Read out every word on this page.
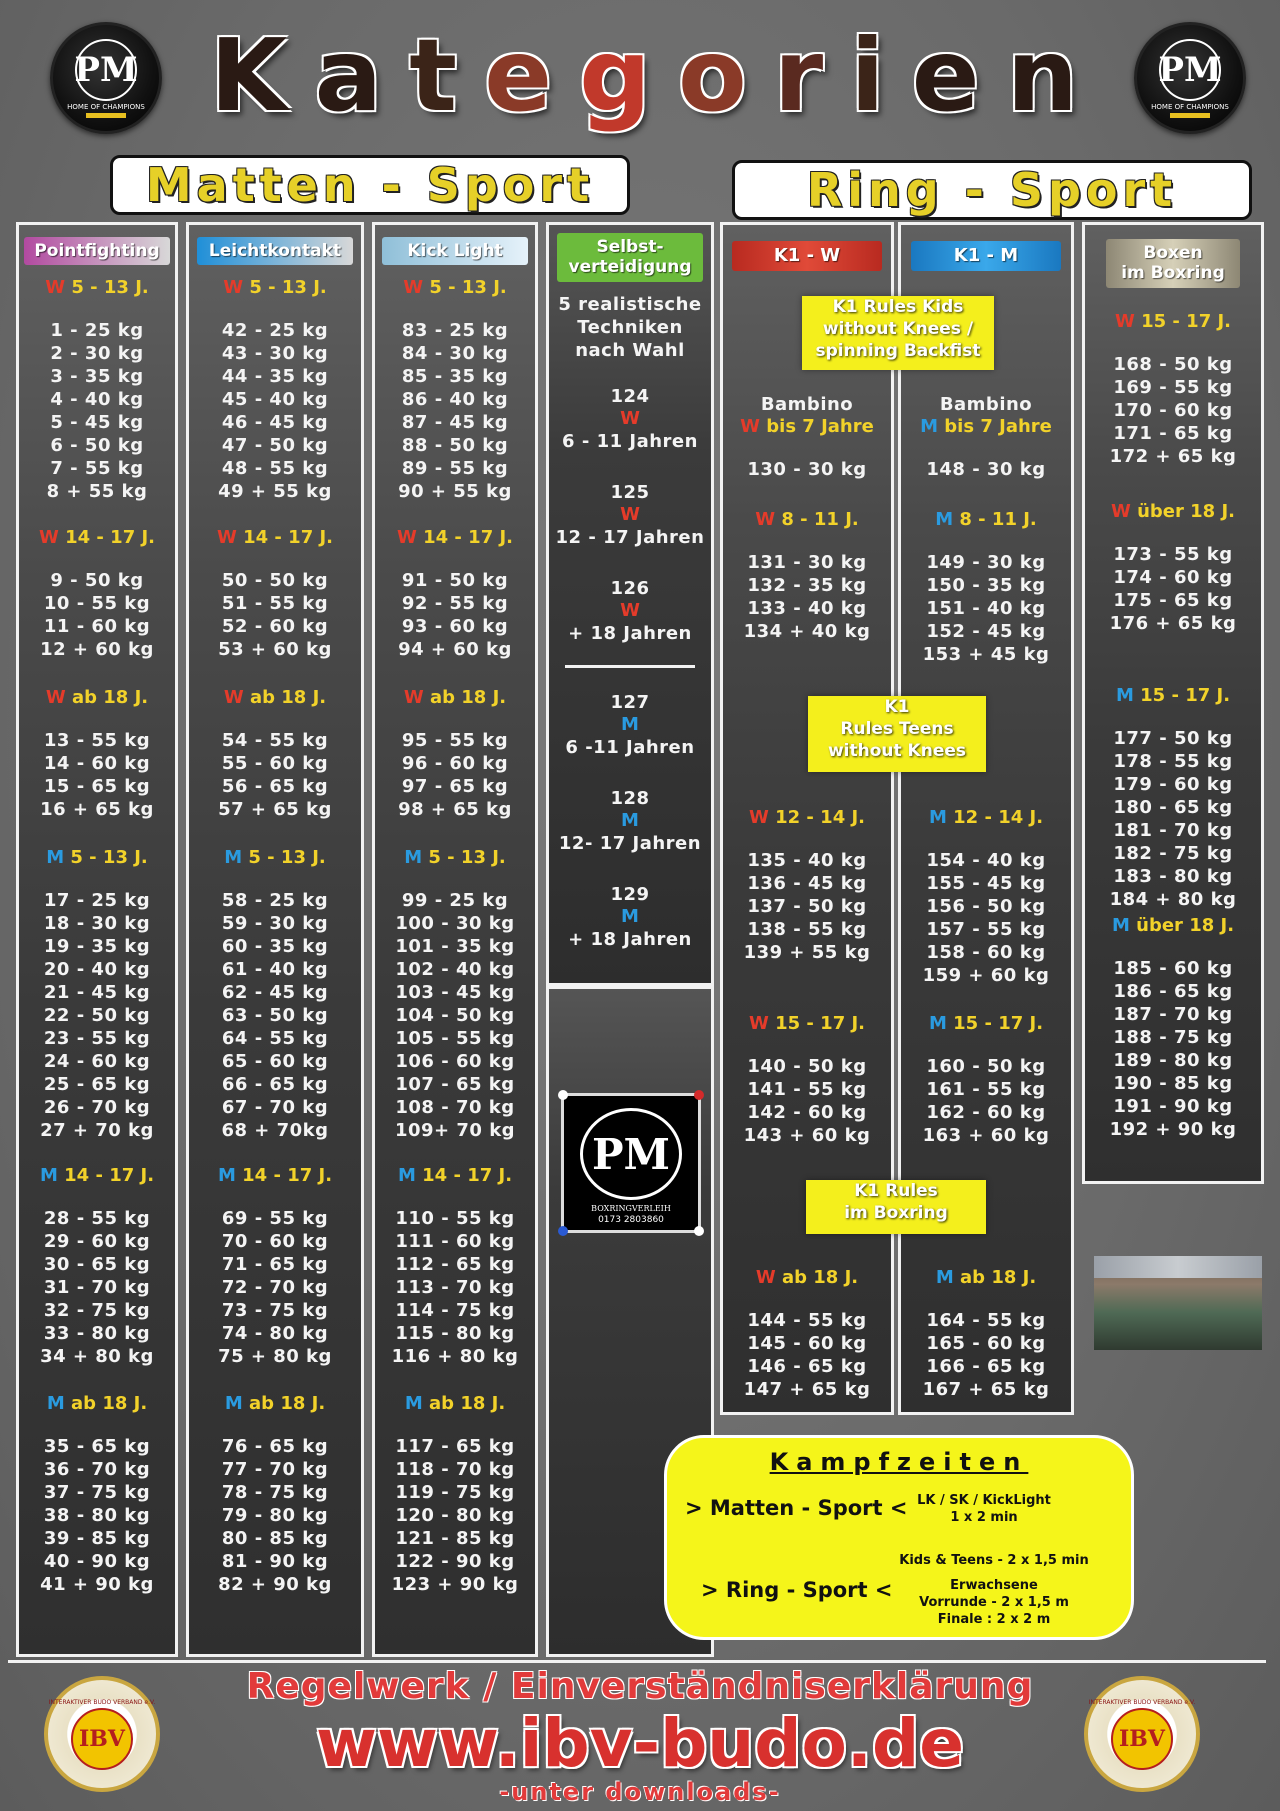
PM
HOME OF CHAMPIONS
PM
HOME OF CHAMPIONS
K a t e g o r i e n
Matten - Sport	Ring - Sport
Pointfighting
W 5 - 13 J.
1 - 25 kg
2 - 30 kg
3 - 35 kg
4 - 40 kg
5 - 45 kg
6 - 50 kg
7 - 55 kg
8 + 55 kg
W 14 - 17 J.
9 - 50 kg
10 - 55 kg
11 - 60 kg
12 + 60 kg
W ab 18 J.
13 - 55 kg
14 - 60 kg
15 - 65 kg
16 + 65 kg
M 5 - 13 J.
17 - 25 kg
18 - 30 kg
19 - 35 kg
20 - 40 kg
21 - 45 kg
22 - 50 kg
23 - 55 kg
24 - 60 kg
25 - 65 kg
26 - 70 kg
27 + 70 kg
M 14 - 17 J.
28 - 55 kg
29 - 60 kg
30 - 65 kg
31 - 70 kg
32 - 75 kg
33 - 80 kg
34 + 80 kg
M ab 18 J.
35 - 65 kg
36 - 70 kg
37 - 75 kg
38 - 80 kg
39 - 85 kg
40 - 90 kg
41 + 90 kg
Leichtkontakt
W 5 - 13 J.
42 - 25 kg
43 - 30 kg
44 - 35 kg
45 - 40 kg
46 - 45 kg
47 - 50 kg
48 - 55 kg
49 + 55 kg
W 14 - 17 J.
50 - 50 kg
51 - 55 kg
52 - 60 kg
53 + 60 kg
W ab 18 J.
54 - 55 kg
55 - 60 kg
56 - 65 kg
57 + 65 kg
M 5 - 13 J.
58 - 25 kg
59 - 30 kg
60 - 35 kg
61 - 40 kg
62 - 45 kg
63 - 50 kg
64 - 55 kg
65 - 60 kg
66 - 65 kg
67 - 70 kg
68 + 70kg
M 14 - 17 J.
69 - 55 kg
70 - 60 kg
71 - 65 kg
72 - 70 kg
73 - 75 kg
74 - 80 kg
75 + 80 kg
M ab 18 J.
76 - 65 kg
77 - 70 kg
78 - 75 kg
79 - 80 kg
80 - 85 kg
81 - 90 kg
82 + 90 kg
Kick Light
W 5 - 13 J.
83 - 25 kg
84 - 30 kg
85 - 35 kg
86 - 40 kg
87 - 45 kg
88 - 50 kg
89 - 55 kg
90 + 55 kg
W 14 - 17 J.
91 - 50 kg
92 - 55 kg
93 - 60 kg
94 + 60 kg
W ab 18 J.
95 - 55 kg
96 - 60 kg
97 - 65 kg
98 + 65 kg
M 5 - 13 J.
99 - 25 kg
100 - 30 kg
101 - 35 kg
102 - 40 kg
103 - 45 kg
104 - 50 kg
105 - 55 kg
106 - 60 kg
107 - 65 kg
108 - 70 kg
109+ 70 kg
M 14 - 17 J.
110 - 55 kg
111 - 60 kg
112 - 65 kg
113 - 70 kg
114 - 75 kg
115 - 80 kg
116 + 80 kg
M ab 18 J.
117 - 65 kg
118 - 70 kg
119 - 75 kg
120 - 80 kg
121 - 85 kg
122 - 90 kg
123 + 90 kg
Selbst-
verteidigung
5 realistische
Techniken
nach Wahl
124
W
6 - 11 Jahren
125
W
12 - 17 Jahren
126
W
+ 18 Jahren
127
M
6 -11 Jahren
128
M
12- 17 Jahren
129
M
+ 18 Jahren
PM
BOXRINGVERLEIH
0173 2803860
K1 - W
Bambino
W bis 7 Jahre
130 - 30 kg
W 8 - 11 J.
131 - 30 kg
132 - 35 kg
133 - 40 kg
134 + 40 kg
W 12 - 14 J.
135 - 40 kg
136 - 45 kg
137 - 50 kg
138 - 55 kg
139 + 55 kg
W 15 - 17 J.
140 - 50 kg
141 - 55 kg
142 - 60 kg
143 + 60 kg
W ab 18 J.
144 - 55 kg
145 - 60 kg
146 - 65 kg
147 + 65 kg
K1 - M
Bambino
M bis 7 Jahre
148 - 30 kg
M 8 - 11 J.
149 - 30 kg
150 - 35 kg
151 - 40 kg
152 - 45 kg
153 + 45 kg
M 12 - 14 J.
154 - 40 kg
155 - 45 kg
156 - 50 kg
157 - 55 kg
158 - 60 kg
159 + 60 kg
M 15 - 17 J.
160 - 50 kg
161 - 55 kg
162 - 60 kg
163 + 60 kg
M ab 18 J.
164 - 55 kg
165 - 60 kg
166 - 65 kg
167 + 65 kg
K1 Rules Kids
without Knees /
spinning Backfist
K1
Rules Teens
without Knees
K1 Rules
im Boxring
Boxen
im Boxring
W 15 - 17 J.
168 - 50 kg
169 - 55 kg
170 - 60 kg
171 - 65 kg
172 + 65 kg
W über 18 J.
173 - 55 kg
174 - 60 kg
175 - 65 kg
176 + 65 kg
M 15 - 17 J.
177 - 50 kg
178 - 55 kg
179 - 60 kg
180 - 65 kg
181 - 70 kg
182 - 75 kg
183 - 80 kg
184 + 80 kg
M über 18 J.
185 - 60 kg
186 - 65 kg
187 - 70 kg
188 - 75 kg
189 - 80 kg
190 - 85 kg
191 - 90 kg
192 + 90 kg
Kampfzeiten
> Matten - Sport < LK / SK / KickLight
1 x 2 min
> Ring - Sport <
Kids & Teens - 2 x 1,5 min
Erwachsene
Vorrunde - 2 x 1,5 m
Finale : 2 x 2 m
Regelwerk / Einverständniserklärung
www.ibv-budo.de
-unter downloads-
INTERAKTIVER BUDO VERBAND e.V.
IBV
INTERAKTIVER BUDO VERBAND e.V.
IBV
